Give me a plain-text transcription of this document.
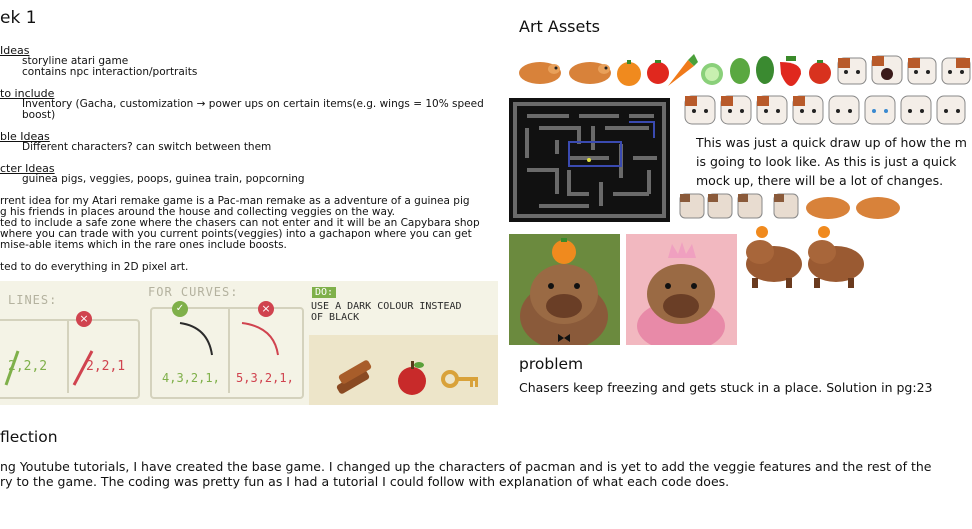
ek 1
Ideas
storyline atari game
contains npc interaction/portraits
to include
Inventory (Gacha, customization → power ups on certain items(e.g. wings = 10% speed
boost)
ble Ideas
Different characters? can switch between them
cter Ideas
guinea pigs, veggies, poops, guinea train, popcorning
rrent idea for my Atari remake game is a Pac-man remake as a adventure of a guinea pig
g his friends in places around the house and collecting veggies on the way.
ted to include a safe zone where the chasers can not enter and it will be an Capybara shop
where you can trade with you current points(veggies) into a gachapon where you can get
mise-able items which in the rare ones include boosts.
ted to do everything in 2D pixel art.
LINES:
FOR CURVES:
×
2,2,2	2,2,1
✓	×
4,3,2,1, 5,3,2,1,
DO:
USE A DARK COLOUR INSTEAD
OF BLACK
Art Assets
This was just a quick draw up of how the m
is going to look like. As this is just a quick
mock up, there will be a lot of changes.
problem
Chasers keep freezing and gets stuck in a place. Solution in pg:23
flection
ng Youtube tutorials, I have created the base game. I changed up the characters of pacman and is yet to add the veggie features and the rest of the
ry to the game. The coding was pretty fun as I had a tutorial I could follow with explanation of what each code does.
